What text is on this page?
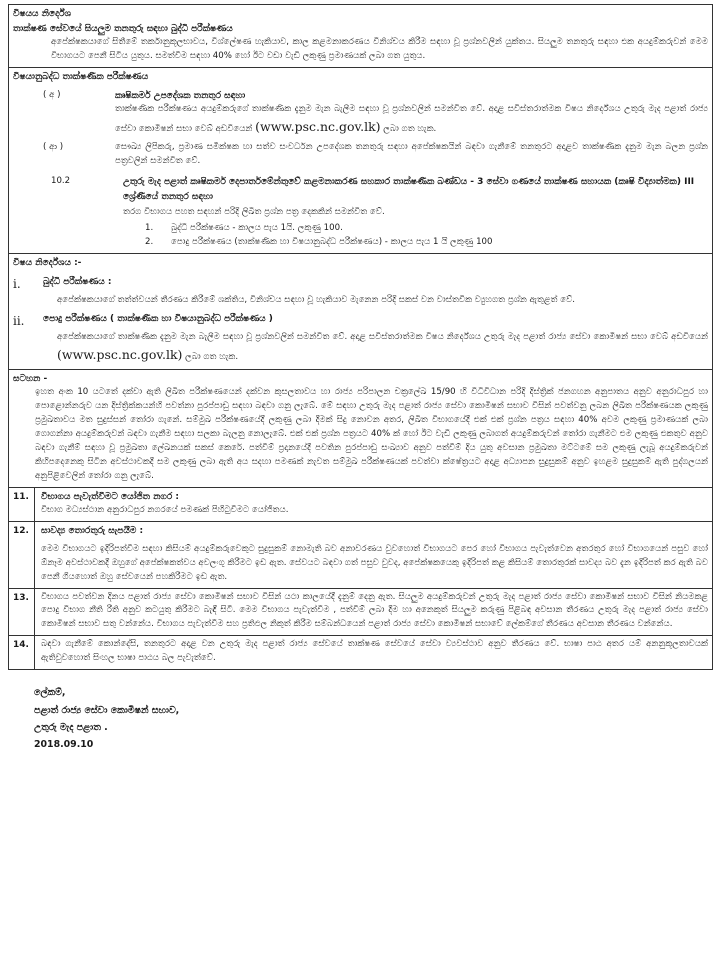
විෂයය නිර්දේශ
තාක්ෂණ සේවයේ සියලුම තනතුරු සඳහා බුද්ධි පරීක්ෂණය

අපේක්ෂකයාගේ සිතීමේ තර්කානුකූලභාවය, විශ්ලේෂණ හැකියාව, කාල කළමනාකරණය විනිශ්චය කිරීම සඳහා වූ ප්‍රශ්නවලින් යුක්තය. සියලුම තනතුරු සඳහා එක අයදුම්කරුවන් මෙම විභාගයට පෙනී සිටිය යුතුය. සමත්වීම සඳහා 40% හෝ ඊට වඩා වැඩි ලකුණු ප්‍රමාණයක් ලබා ගත යුතුය.

විෂයානුබද්ධ තාක්ෂණික පරීක්ෂණය
( අ )	කෘෂිකර්ම උපදේශක තනතුර සඳහා

තාක්ෂණික පරීක්ෂණය අයදුම්කරුගේ තාක්ෂණික දැනුම මැන බැලීම සඳහා වූ ප්‍රශ්නවලින් සමන්විත වේ. අදාළ සවිස්තරාත්මක විෂය නිර්දේශය උතුරු මැද පළාත් රාජ්‍ය සේවා කොමිෂන් සභා වෙබ් අඩවියෙන් (www.psc.nc.gov.lk) ලබා ගත හැක.

( ආ )	සෞඛ්‍ය ලිපිකරු, ප්‍රමාණ සමීක්ෂක හා සත්ව සංවර්ධන උපදේශක තනතුරු සඳහා අපේක්ෂකයින් බඳවා ගැනීමේ තනතුරට අදාළව තාක්ෂණික දැනුම මැන බලන ප්‍රශ්න පත්‍රවලින් සමන්විත වේ.

10.2	උතුරු මැද පළාත් කෘෂිකර්ම දෙපාර්තමේන්තුවේ කළමනාකරණ සහකාර තාක්ෂණික බණ්ඩය - 3 සේවා ගණයේ තාක්ෂණ සහායක (කෘෂි විද්‍යාත්මක) III ශ්‍රේණියේ තනතුර සඳහා
තරග විභාගය පහත සඳහන් පරිදි ලිඛිත ප්‍රශ්න පත්‍ර දෙකකින් සමන්විත වේ.
1.	බුද්ධි පරීක්ෂණය - කාලය පැය 1යි. ලකුණු 100.
2.	පොදු පරීක්ෂණය (තාක්ෂණික හා විෂයානුබද්ධ පරීක්ෂණය) - කාලය පැය 1 යි ලකුණු 100
විෂය නිර්දේශය :-
i.	බුද්ධි පරීක්ෂණය :

අපේක්ෂකයාගේ තත්ත්වයන් තීරණය කිරීමේ ශක්තිය, විනිශ්චය සඳහා වූ හැකියාව මැනෙන පරිදි සකස් වන වාස්තවික ව්‍යුහගත ප්‍රශ්න ඇතුළත් වේ.

ii.	පොදු පරීක්ෂණය ( තාක්ෂණික හා විෂයානුබද්ධ පරීක්ෂණය )

අපේක්ෂකයාගේ තාක්ෂණික දැනුම මැන බැලීම සඳහා වූ ප්‍රශ්නවලින් සමන්විත වේ. අදාළ සවිස්තරාත්මක විෂය නිර්දේශය උතුරු මැද පළාත් රාජ්‍ය සේවා කොමිෂන් සභා වෙබ් අඩවියෙන් (www.psc.nc.gov.lk) ලබා ගත හැක.

සටහන -

ඉහත අංක 10 යටතේ දක්වා ඇති ලිඛිත පරීක්ෂණයෙන් දක්වන කුසලතාවය හා රාජ්‍ය පරිපාලන චක්‍රලේඛ 15/90 හි විධිවිධාන පරිදි දිස්ත්‍රික් ජනගහන අනුපාතය අනුව අනුරාධපුර හා පොළොන්නරුව යන දිස්ත්‍රික්කයන්හි පවත්නා පුරප්පාඩු සඳහා බඳවා ගනු ලැබේ. මේ සඳහා උතුරු මැද පළාත් රාජ්‍ය සේවා කොමිෂන් සභාව විසින් පවත්වනු ලබන ලිඛිත පරීක්ෂණයක ලකුණු ප්‍රමුඛතාවය මත සුදුස්සන් තෝරා ගැනේ. සම්මුඛ පරීක්ෂණයේදී ලකුණු ලබා දීමක් සිදු නොවන අතර, ලිඛිත විභාගයේදී එක් එක් ප්‍රශ්න පත්‍රය සඳහා 40% අවම ලකුණු ප්‍රමාණයක් ලබා ගොගන්නා අයදුම්කරුවන් බඳවා ගැනීම සඳහා සලකා බැලනු නොලැබේ. එක් එක් ප්‍රශ්න පත්‍රයට 40% ක් හෝ ඊට වැඩි ලකුණු ලබාගත් අයදුම්කරුවන් තෝරා ගැනීමට එම ලකුණු එකතුව අනුව බඳවා ගැනීම් සඳහා වූ ප්‍රමුඛතා ලේඛනයක් සකස් කෙරේ. පත්වීම් ප්‍රදානයේදී පවතින පුරප්පාඩු සංඛ්‍යාව අනුව පත්වීම් දිය යුතු අවසාන ප්‍රමුඛතා මට්ටමේ සම ලකුණු ලැබූ අයදුම්කරුවන් කිහිපදෙනෙකු සිටින අවස්ථාවකදී සම ලකුණු ලබා ඇති අය සදහා පමණක් නැවත සම්මුඛ පරීක්ෂණයක් පවත්වා ක්ෂේත්‍රයට අදාළ අධ්‍යාපන සුදුසුකම් අනුව ඉහළම සුදුසුකම් ඇති පුද්ගලයන් අනුපිළිවෙලින් තෝරා ගනු ලැබේ.

11.	විභාගය පැවැත්වීමට යෝජිත නගර :

විභාග මධ්‍යස්ථාන අනුරාධපුර නගරයේ පමණක් පිහිටුවීමට යෝජිතය.

12.	සාවද්‍ය තොරතුරු සැපයීම :

මෙම විභාගයට ඉදිරිපත්වීම සඳහා කිසියම් අයදුම්කරුවෙකුට සුදුසුකම් නොමැති බව අනාවරණය වුවහොත් විභාගයට පෙර හෝ විභාගය පැවැත්වෙන අතරතුර හෝ විභාගයෙන් පසුව හෝ ඕනෑම අවස්ථාවකදී ඔහුගේ අපේක්ෂකත්වය අවලංගු කිරීමට ඉඩ ඇත. සේවයට බඳවා ගත් පසුව වුවද, අපේක්ෂකයෙකු ඉදිරිපත් කළ කිසියම් තොරතුරක් සාවද්‍ය බව දැන ඉදිරිපත් කර ඇති බව පෙනී ගියහොත් ඔහු සේවයෙන් පහකිරීමට ඉඩ ඇත.

13.	විභාගය පවත්වන දිනය පළාත් රාජ්‍ය සේවා කොමිෂන් සභාව විසින් යථා කාලයේදී දැනුම් දෙනු ඇත. සියලුම අයදුම්කරුවන් උතුරු මැද පළාත් රාජ්‍ය සේවා කොමිෂන් සභාව විසින් නියමකළ පොදු විභාග නීති රීති අනුව කටයුතු කිරීමට බැඳී සිටී. මෙම විභාගය පැවැත්වීම , පත්වීම් ලබා දීම හා අනෙකුත් සියලුම කරුණු පිළිබඳ අවසාන තීරණය උතුරු මැද පළාත් රාජ්‍ය සේවා කොමිෂන් සභාව සතු වන්නේය. විභාගය පැවැත්වීම සහ ප්‍රතිඵල නිකුත් කිරීම සම්බන්ධයෙන් පළාත් රාජ්‍ය සේවා කොමිෂන් සභාවේ ලේකම්ගේ තීරණය අවසාන තීරණය වන්නේය.

14.	බඳවා ගැනීමේ කොන්දේසි, තනතුරට අදාළ වන උතුරු මැද පළාත් රාජ්‍ය සේවයේ තාක්ෂණ සේවයේ සේවා ව්‍යවස්ථාව අනුව තීරණය වේ. භාෂා පාඨ අතර යම් අනනුකූලතාවයක් ඇතිවුවහොත් සිංහල භාෂා පාඨය බල පැවැත්වේ.

ලේකම්,
පළාත් රාජ්‍ය සේවා කොමිෂන් සභාව,
උතුරු මැද පළාත .
2018.09.10
